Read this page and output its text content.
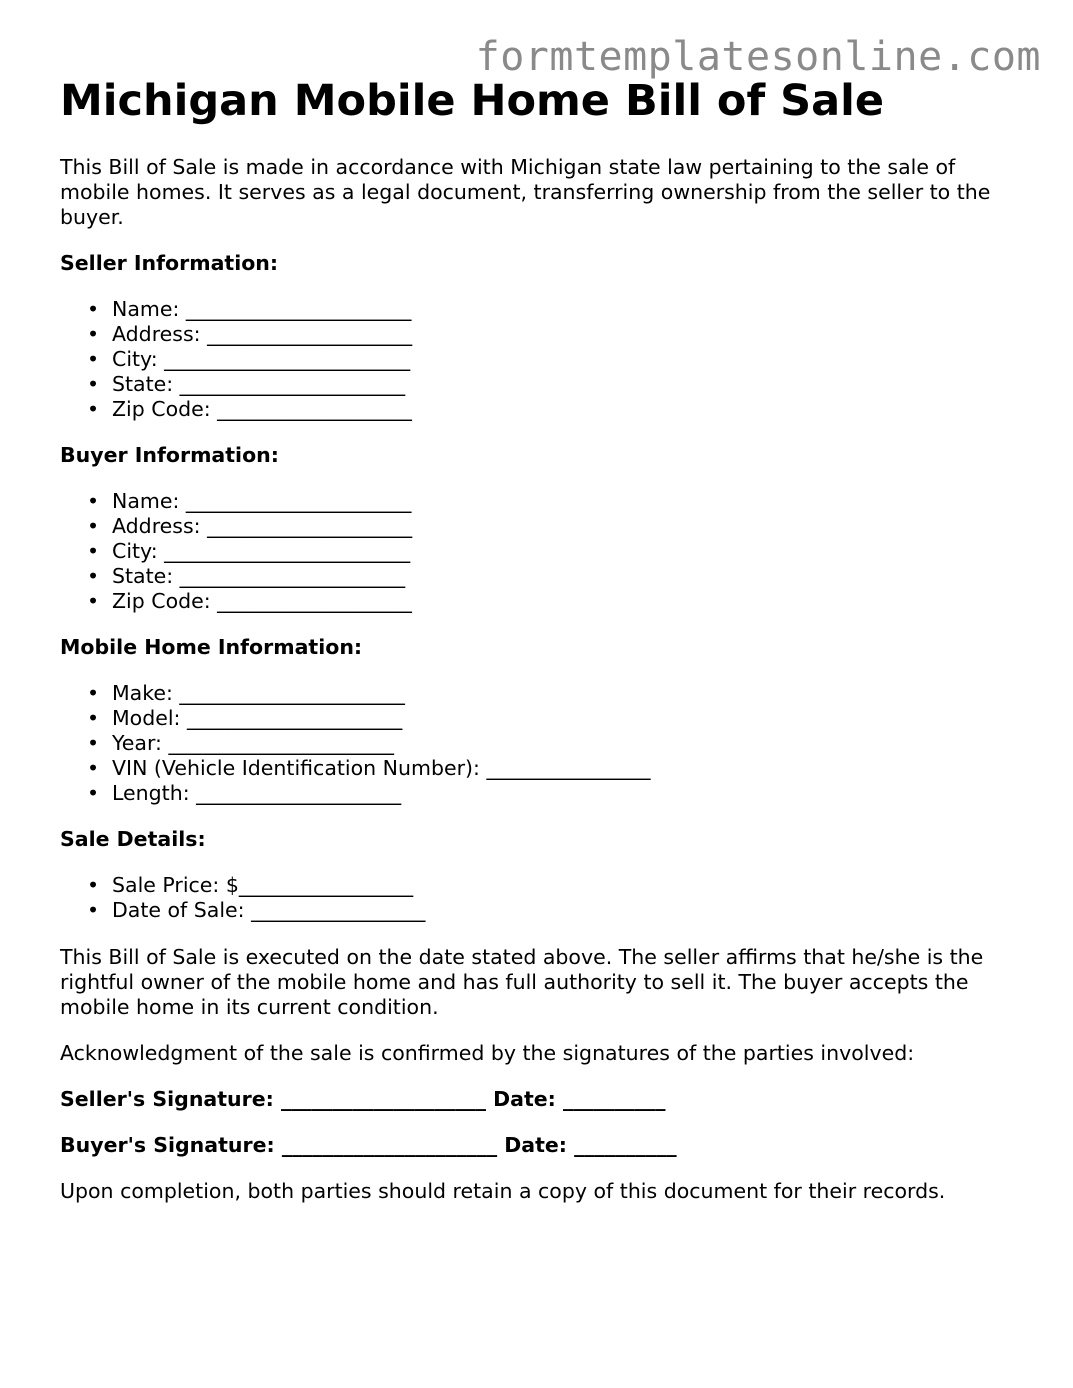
formtemplatesonline.com
Michigan Mobile Home Bill of Sale

This Bill of Sale is made in accordance with Michigan state law pertaining to the sale of mobile homes. It serves as a legal document, transferring ownership from the seller to the buyer.

Seller Information:

• Name: ______________________
• Address: ____________________
• City: ________________________
• State: ______________________
• Zip Code: ___________________

Buyer Information:

• Name: ______________________
• Address: ____________________
• City: ________________________
• State: ______________________
• Zip Code: ___________________

Mobile Home Information:

• Make: ______________________
• Model: _____________________
• Year: ______________________
• VIN (Vehicle Identification Number): ________________
• Length: ____________________

Sale Details:

• Sale Price: $_________________
• Date of Sale: _________________

This Bill of Sale is executed on the date stated above. The seller affirms that he/she is the rightful owner of the mobile home and has full authority to sell it. The buyer accepts the mobile home in its current condition.

Acknowledgment of the sale is confirmed by the signatures of the parties involved:

Seller's Signature: ____________________ Date: __________

Buyer's Signature: _____________________ Date: __________

Upon completion, both parties should retain a copy of this document for their records.
